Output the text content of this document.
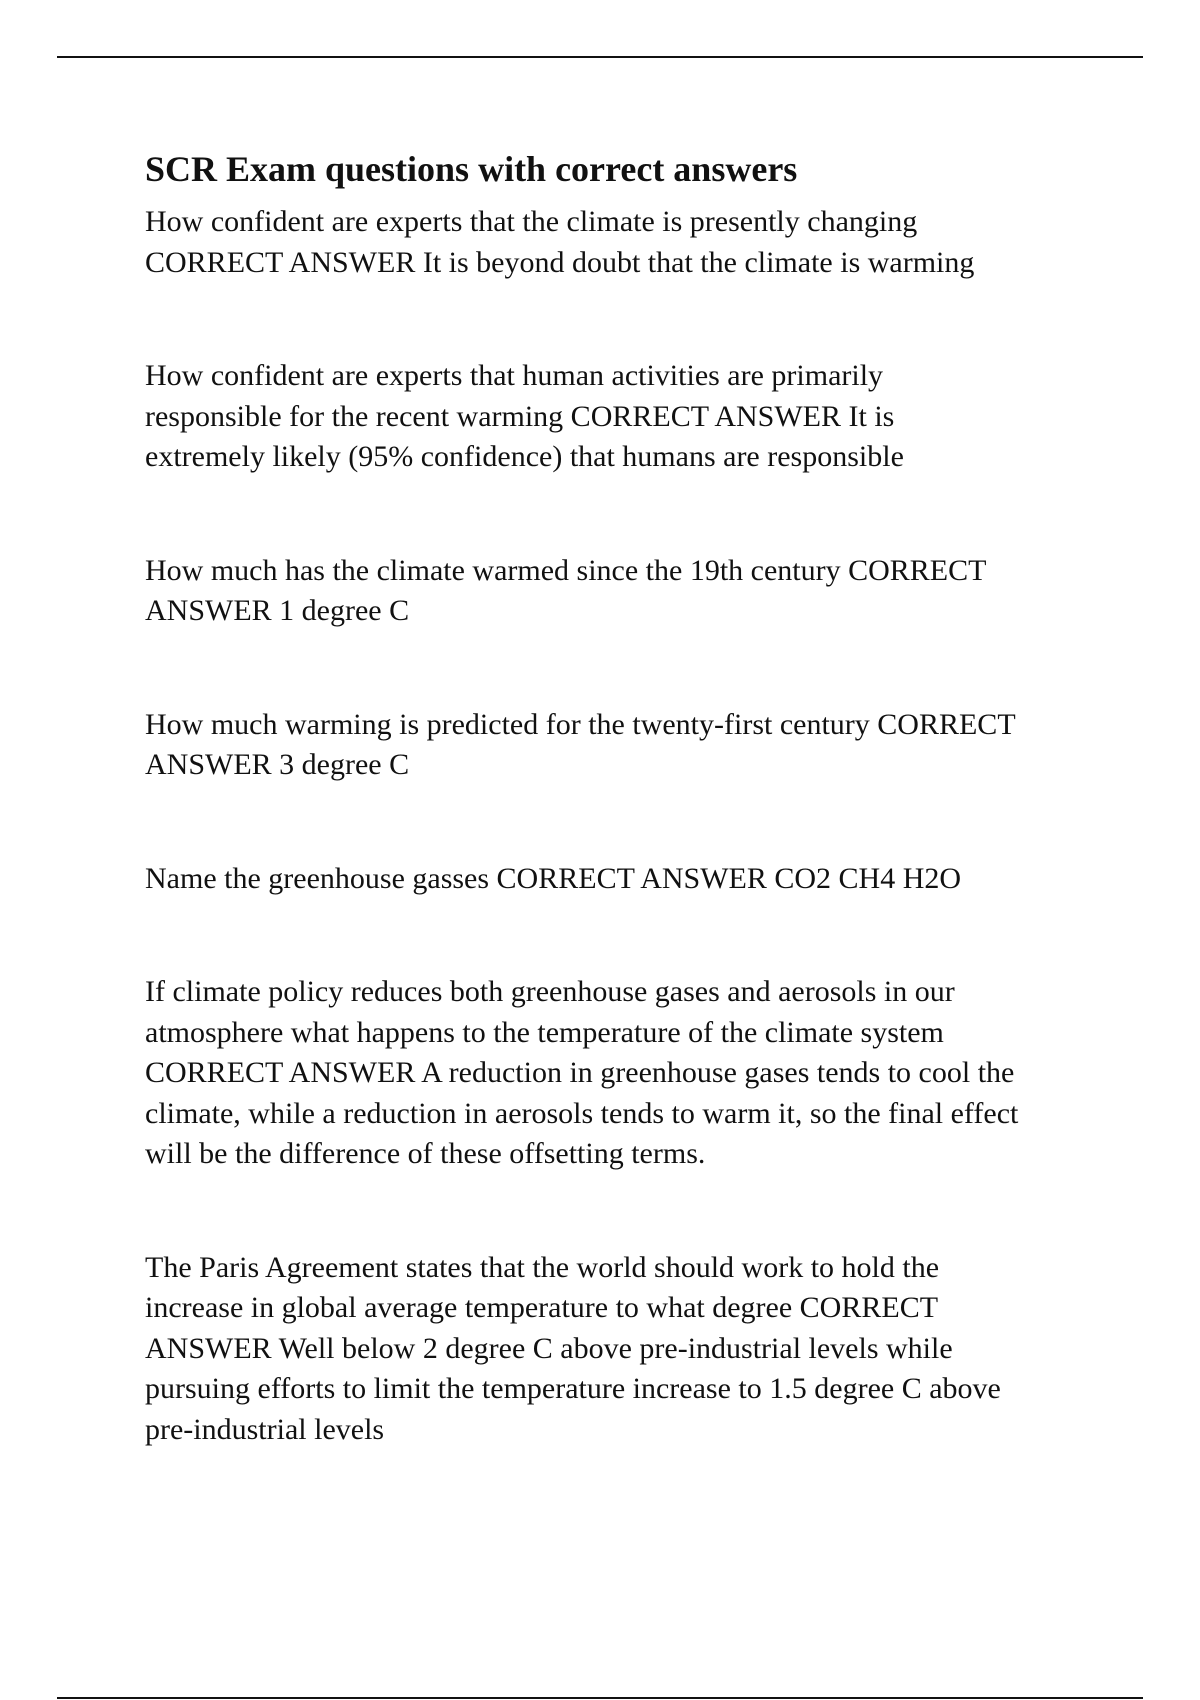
SCR Exam questions with correct answers

How confident are experts that the climate is presently changing
CORRECT ANSWER It is beyond doubt that the climate is warming

How confident are experts that human activities are primarily
responsible for the recent warming CORRECT ANSWER It is
extremely likely (95% confidence) that humans are responsible

How much has the climate warmed since the 19th century CORRECT
ANSWER 1 degree C

How much warming is predicted for the twenty-first century CORRECT
ANSWER 3 degree C

Name the greenhouse gasses CORRECT ANSWER CO2 CH4 H2O

If climate policy reduces both greenhouse gases and aerosols in our
atmosphere what happens to the temperature of the climate system
CORRECT ANSWER A reduction in greenhouse gases tends to cool the
climate, while a reduction in aerosols tends to warm it, so the final effect
will be the difference of these offsetting terms.

The Paris Agreement states that the world should work to hold the
increase in global average temperature to what degree CORRECT
ANSWER Well below 2 degree C above pre-industrial levels while
pursuing efforts to limit the temperature increase to 1.5 degree C above
pre-industrial levels
